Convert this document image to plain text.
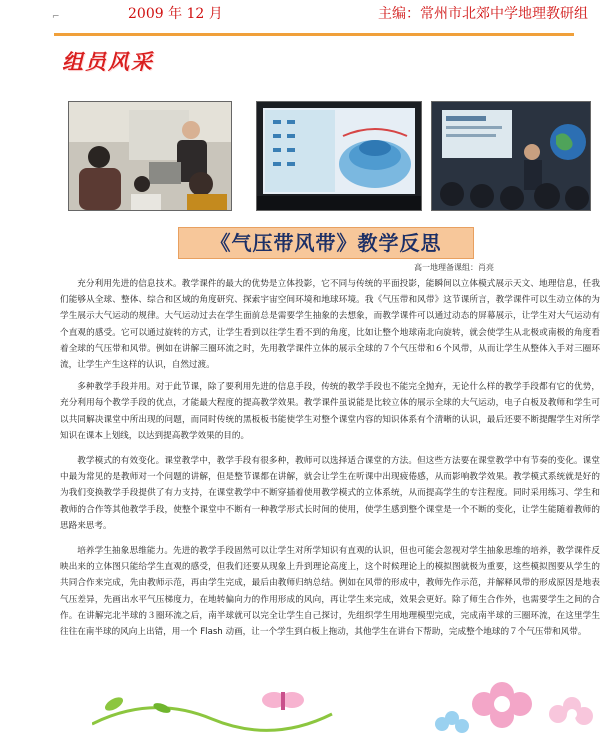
2009 年 12 月	主编：常州市北郊中学地理教研组
⌐
组员风采
《气压带风带》教学反思
高一地理备课组：肖亮

充分利用先进的信息技术。教学课件的最大的优势是立体投影，它不同与传统的平面投影，能瞬间以立体模式展示天文、地理信息，任我们能够从全球、整体、综合和区域的角度研究、探索宇宙空间环境和地球环境。我《气压带和风带》这节课所言，教学课件可以生动立体的为学生展示大气运动的规律。大气运动过去在学生面前总是需要学生抽象的去想象，而教学课件可以通过动态的屏幕展示，让学生对大气运动有个直观的感受。它可以通过旋转的方式，让学生看到以往学生看不到的角度，比如让整个地球南北向旋转，就会使学生从北极或南极的角度看着全球的气压带和风带。例如在讲解三圈环流之时，先用教学课件立体的展示全球的７个气压带和６个风带，从而让学生从整体入手对三圈环流，让学生产生这样的认识，自然过渡。

多种教学手段并用。对于此节课，除了要利用先进的信息手段，传统的教学手段也不能完全抛弃，无论什么样的教学手段都有它的优势，充分利用每个教学手段的优点，才能最大程度的提高教学效果。教学课件虽说能是比较立体的展示全球的大气运动，电子白板及教师和学生可以共同解决课堂中所出现的问题，而同时传统的黑板板书能使学生对整个课堂内容的知识体系有个清晰的认识，最后还要不断提醒学生对所学知识在课本上划线，以达到提高教学效果的目的。

教学模式的有效变化。课堂教学中，教学手段有很多种，教师可以选择适合课堂的方法。但这些方法要在课堂教学中有节奏的变化。课堂中最为常见的是教师对一个问题的讲解，但是整节课都在讲解，就会让学生在听课中出现疲倦感，从而影响教学效果。教学模式系统就是好的为我们变换教学手段提供了有力支持，在课堂教学中不断穿插着使用教学模式的立体系统，从而提高学生的专注程度。同时采用练习、学生和教师的合作等其他教学手段，使整个课堂中不断有一种教学形式长时间的使用，使学生感到整个课堂是一个不断的变化，让学生能随着教师的思路来思考。

培养学生抽象思维能力。先进的教学手段固然可以让学生对所学知识有直观的认识，但也可能会忽视对学生抽象思维的培养，教学课件反映出来的立体图只能给学生直观的感受，但我们还要从现象上升到理论高度上，这个时候理论上的模拟图就极为重要，这些模拟图要从学生的共同合作来完成，先由教师示范，再由学生完成，最后由教师归纳总结。例如在风带的形成中，教师先作示范，并解释风带的形成原因是地表气压差异，先画出水平气压梯度力，在地转偏向力的作用形成的风向，再让学生来完成，效果会更好。除了师生合作外，也需要学生之间的合作。在讲解完北半球的３圈环流之后，南半球就可以完全让学生自己探讨，先组织学生用地理模型完成，完成南半球的三圈环流，在这里学生往往在南半球的风向上出错，用一个 Flash 动画，让一个学生到白板上拖动，其他学生在讲台下帮助，完成整个地球的７个气压带和风带。
